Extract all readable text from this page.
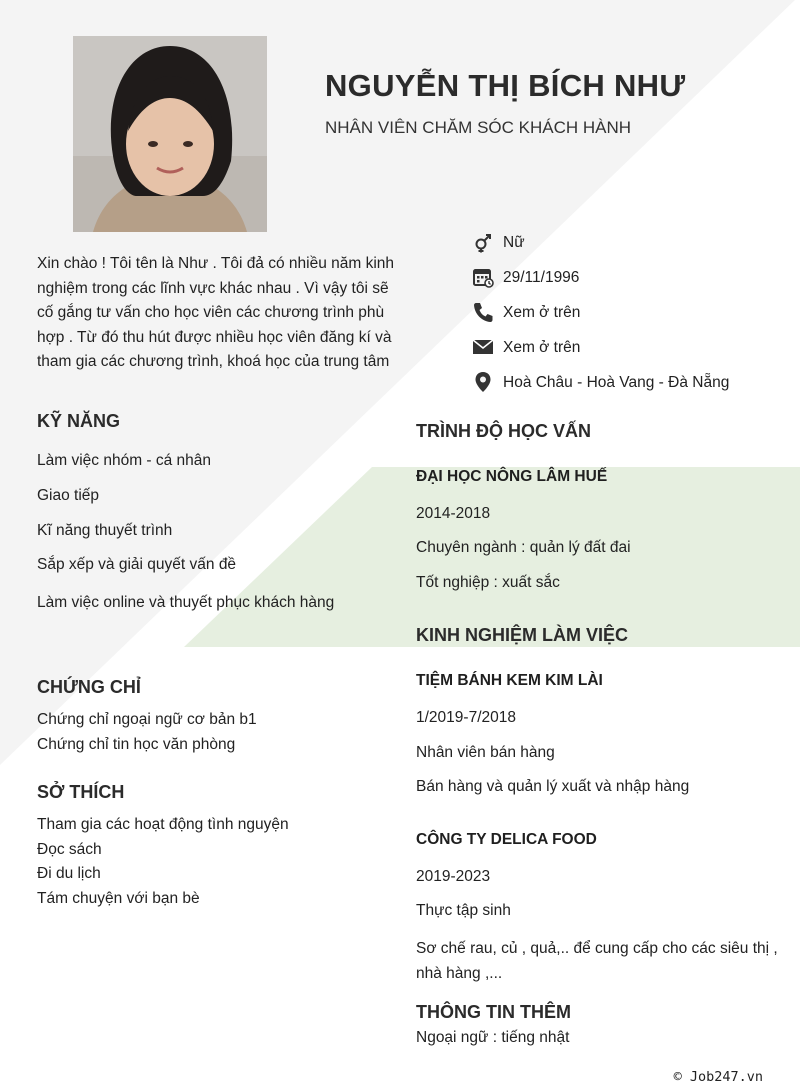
NGUYỄN THỊ BÍCH NHƯ
NHÂN VIÊN CHĂM SÓC KHÁCH HÀNH
Xin chào ! Tôi tên là Như . Tôi đả có nhiều năm kinh nghiệm trong các lĩnh vực khác nhau . Vì vậy tôi sẽ cố gắng tư vấn cho học viên các chương trình phù hợp . Từ đó thu hút được nhiều học viên đăng kí và tham gia các chương trình, khoá học của trung tâm
Nữ
29/11/1996
Xem ở trên
Xem ở trên
Hoà Châu - Hoà Vang - Đà Nẵng
KỸ NĂNG
Làm việc nhóm - cá nhân
Giao tiếp
Kĩ năng thuyết trình
Sắp xếp và giải quyết vấn đề
Làm việc online và thuyết phục khách hàng
CHỨNG CHỈ
Chứng chỉ ngoại ngữ cơ bản b1
Chứng chỉ tin học văn phòng
SỞ THÍCH
Tham gia các hoạt động tình nguyện
Đọc sách
Đi du lịch
Tám chuyện với bạn bè
TRÌNH ĐỘ HỌC VẤN
ĐẠI HỌC NÔNG LÂM HUẾ
2014-2018
Chuyên ngành : quản lý đất đai
Tốt nghiệp : xuất sắc
KINH NGHIỆM LÀM VIỆC
TIỆM BÁNH KEM KIM LÀI
1/2019-7/2018
Nhân viên bán hàng
Bán hàng và quản lý xuất và nhập hàng
CÔNG TY DELICA FOOD
2019-2023
Thực tập sinh
Sơ chế rau, củ , quả,.. để cung cấp cho các siêu thị , nhà hàng ,...
THÔNG TIN THÊM
Ngoại ngữ : tiếng nhật
© Job247.vn
